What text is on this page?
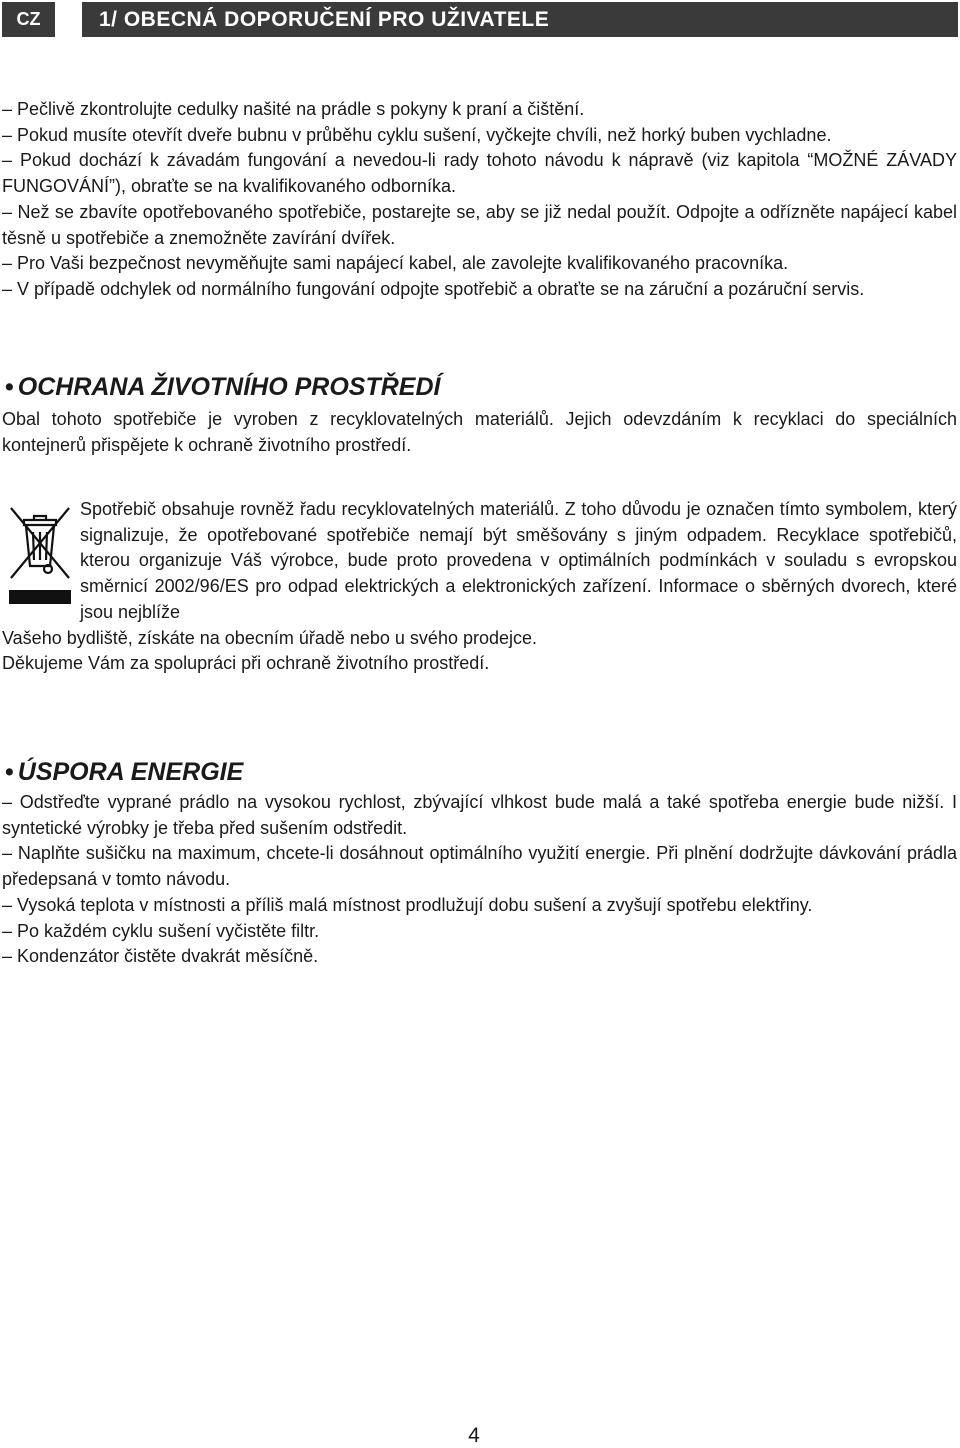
CZ	1/ OBECNÁ DOPORUČENÍ PRO UŽIVATELE

– Pečlivě zkontrolujte cedulky našité na prádle s pokyny k praní a čištění.

– Pokud musíte otevřít dveře bubnu v průběhu cyklu sušení, vyčkejte chvíli, než horký buben vychladne.

– Pokud dochází k závadám fungování a nevedou-li rady tohoto návodu k nápravě (viz kapitola “MOŽNÉ ZÁVADY FUNGOVÁNÍ”), obraťte se na kvalifikovaného odborníka.

– Než se zbavíte opotřebovaného spotřebiče, postarejte se, aby se již nedal použít. Odpojte a odřízněte napájecí kabel těsně u spotřebiče a znemožněte zavírání dvířek.

– Pro Vaši bezpečnost nevyměňujte sami napájecí kabel, ale zavolejte kvalifikovaného pracovníka.

– V případě odchylek od normálního fungování odpojte spotřebič a obraťte se na záruční a pozáruční servis.

• OCHRANA ŽIVOTNÍHO PROSTŘEDÍ

Obal tohoto spotřebiče je vyroben z recyklovatelných materiálů. Jejich odevzdáním k recyklaci do speciálních kontejnerů přispějete k ochraně životního prostředí.

Spotřebič obsahuje rovněž řadu recyklovatelných materiálů. Z toho důvodu je označen tímto symbolem, který signalizuje, že opotřebované spotřebiče nemají být směšovány s jiným odpadem. Recyklace spotřebičů, kterou organizuje Váš výrobce, bude proto provedena v optimálních podmínkách v souladu s evropskou směrnicí 2002/96/ES pro odpad elektrických a elektronických zařízení. Informace o sběrných dvorech, které jsou nejblíže

Vašeho bydliště, získáte na obecním úřadě nebo u svého prodejce.

Děkujeme Vám za spolupráci při ochraně životního prostředí.

• ÚSPORA ENERGIE

– Odstřeďte vyprané prádlo na vysokou rychlost, zbývající vlhkost bude malá a také spotřeba energie bude nižší. I syntetické výrobky je třeba před sušením odstředit.

– Naplňte sušičku na maximum, chcete-li dosáhnout optimálního využití energie. Při plnění dodržujte dávkování prádla předepsaná v tomto návodu.

– Vysoká teplota v místnosti a příliš malá místnost prodlužují dobu sušení a zvyšují spotřebu elektřiny.

– Po každém cyklu sušení vyčistěte filtr.

– Kondenzátor čistěte dvakrát měsíčně.

4
